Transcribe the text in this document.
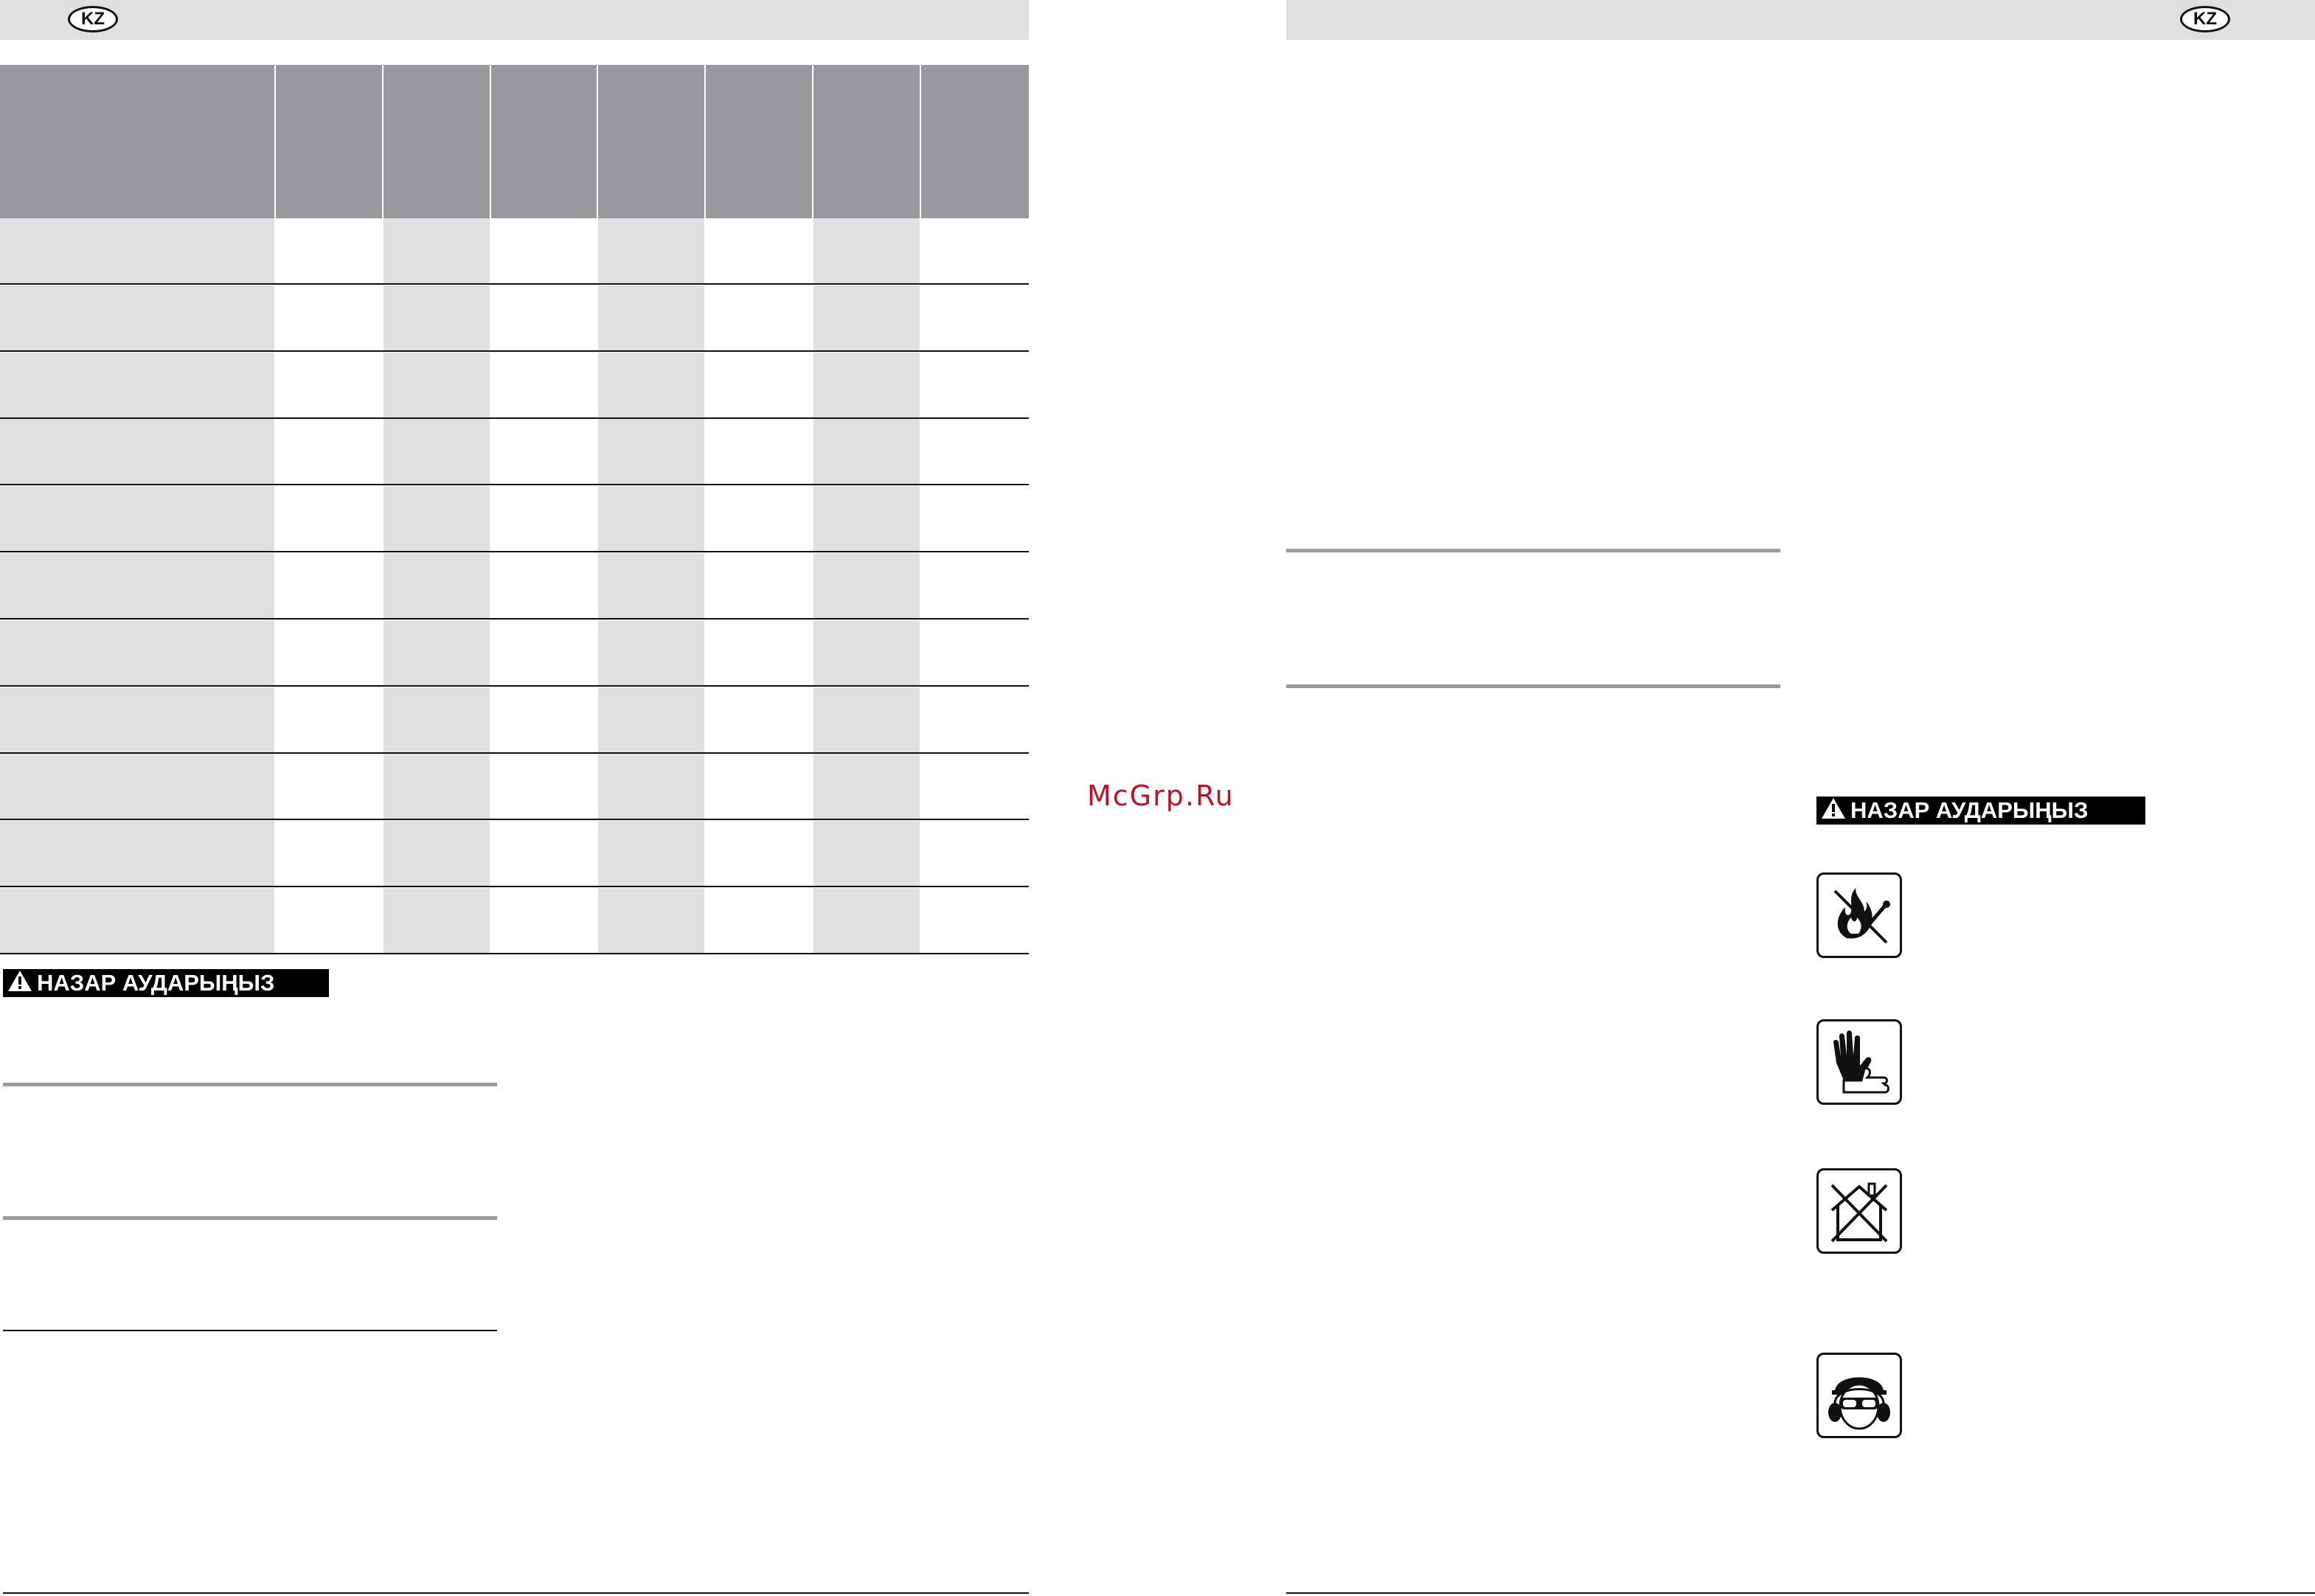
KZ
НАЗАР АУДАРЫҢЫЗ
McGrp.Ru
KZ
НАЗАР АУДАРЫҢЫЗ
